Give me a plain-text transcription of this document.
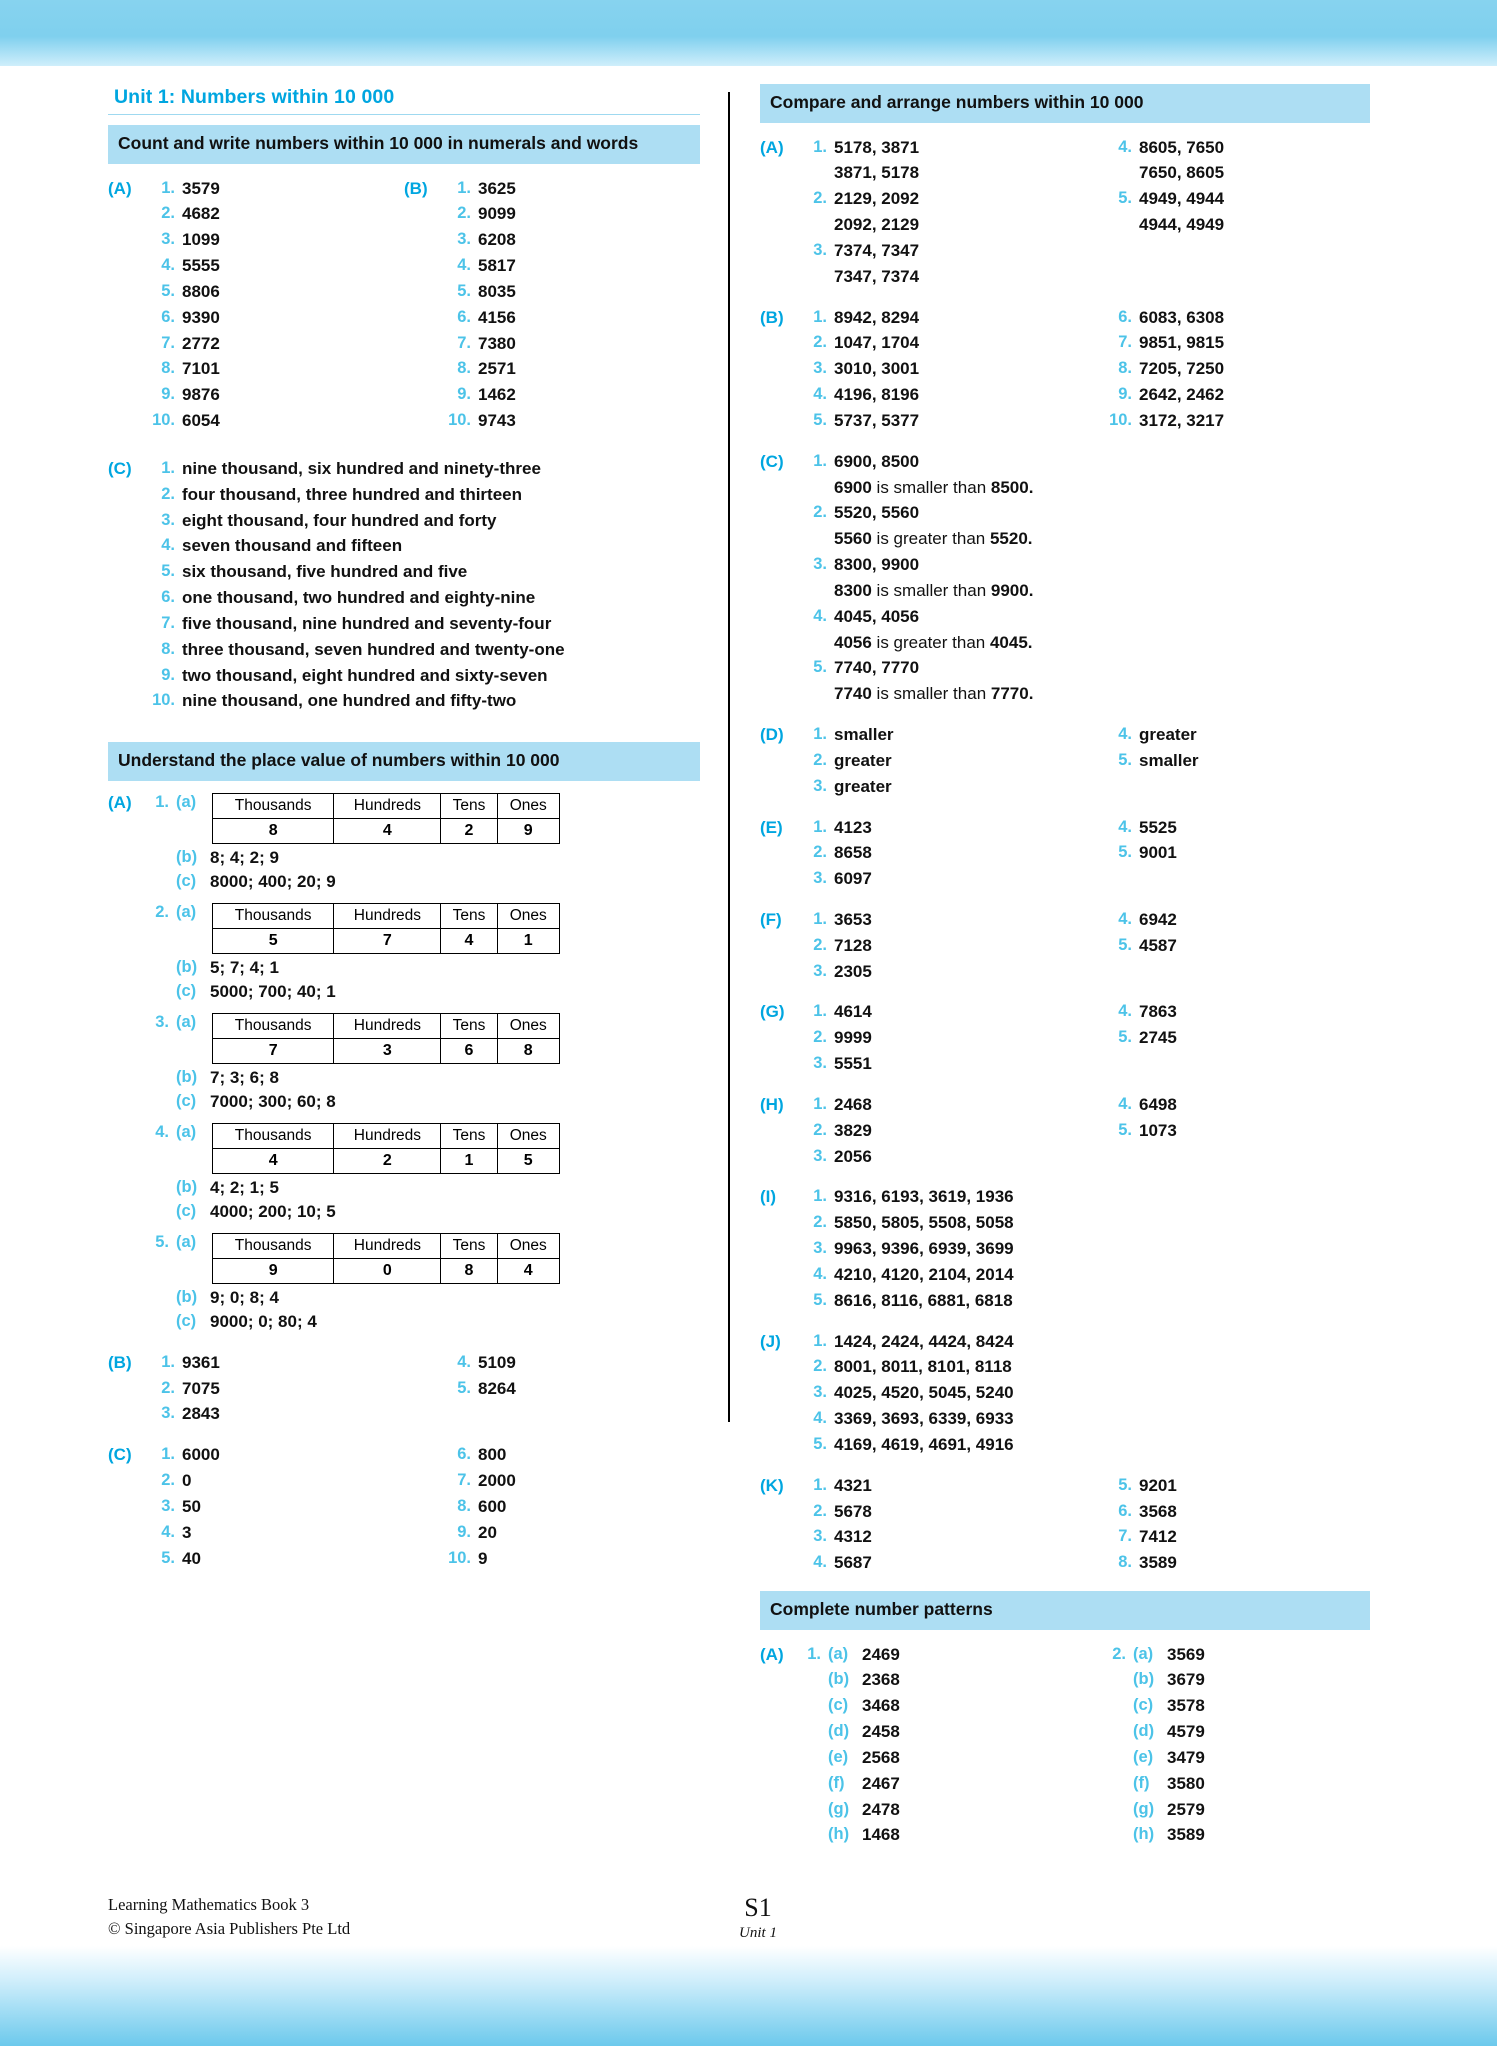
Unit 1: Numbers within 10 000
Count and write numbers within 10 000 in numerals and words
(A)	1. 3579
2. 4682
3. 1099
4. 5555
5. 8806
6. 9390
7. 2772
8. 7101
9. 9876
10. 6054
(B)	1. 3625
2. 9099
3. 6208
4. 5817
5. 8035
6. 4156
7. 7380
8. 2571
9. 1462
10. 9743
(C)	1. nine thousand, six hundred and ninety-three
2. four thousand, three hundred and thirteen
3. eight thousand, four hundred and forty
4. seven thousand and fifteen
5. six thousand, five hundred and five
6. one thousand, two hundred and eighty-nine
7. five thousand, nine hundred and seventy-four
8. three thousand, seven hundred and twenty-one
9. two thousand, eight hundred and sixty-seven
10. nine thousand, one hundred and fifty-two
Understand the place value of numbers within 10 000
(A)	1. (a)	Thousands	Hundreds	Tens	Ones
8	4	2	9
(b) 8; 4; 2; 9
(c) 8000; 400; 20; 9
2. (a)	Thousands	Hundreds	Tens	Ones
5	7	4	1
(b) 5; 7; 4; 1
(c) 5000; 700; 40; 1
3. (a)	Thousands	Hundreds	Tens	Ones
7	3	6	8
(b) 7; 3; 6; 8
(c) 7000; 300; 60; 8
4. (a)	Thousands	Hundreds	Tens	Ones
4	2	1	5
(b) 4; 2; 1; 5
(c) 4000; 200; 10; 5
5. (a)	Thousands	Hundreds	Tens	Ones
9	0	8	4
(b) 9; 0; 8; 4
(c) 9000; 0; 80; 4
(B)	1. 9361
2. 7075
3. 2843
4. 5109
5. 8264
(C)	1. 6000
2. 0
3. 50
4. 3
5. 40
6. 800
7. 2000
8. 600
9. 20
10. 9
Compare and arrange numbers within 10 000
(A)	1. 5178, 3871
3871, 5178
2. 2129, 2092
2092, 2129
3. 7374, 7347
7347, 7374
4. 8605, 7650
7650, 8605
5. 4949, 4944
4944, 4949
(B)	1. 8942, 8294
2. 1047, 1704
3. 3010, 3001
4. 4196, 8196
5. 5737, 5377
6. 6083, 6308
7. 9851, 9815
8. 7205, 7250
9. 2642, 2462
10. 3172, 3217
(C)	1. 6900, 8500
6900 is smaller than 8500.
2. 5520, 5560
5560 is greater than 5520.
3. 8300, 9900
8300 is smaller than 9900.
4. 4045, 4056
4056 is greater than 4045.
5. 7740, 7770
7740 is smaller than 7770.
(D)	1. smaller
2. greater
3. greater
4. greater
5. smaller
(E)	1. 4123
2. 8658
3. 6097
4. 5525
5. 9001
(F)	1. 3653
2. 7128
3. 2305
4. 6942
5. 4587
(G)	1. 4614
2. 9999
3. 5551
4. 7863
5. 2745
(H)	1. 2468
2. 3829
3. 2056
4. 6498
5. 1073
(I)	1. 9316, 6193, 3619, 1936
2. 5850, 5805, 5508, 5058
3. 9963, 9396, 6939, 3699
4. 4210, 4120, 2104, 2014
5. 8616, 8116, 6881, 6818
(J)	1. 1424, 2424, 4424, 8424
2. 8001, 8011, 8101, 8118
3. 4025, 4520, 5045, 5240
4. 3369, 3693, 6339, 6933
5. 4169, 4619, 4691, 4916
(K)	1. 4321
2. 5678
3. 4312
4. 5687
5. 9201
6. 3568
7. 7412
8. 3589
Complete number patterns
(A)	1. (a) 2469
(b) 2368
(c) 3468
(d) 2458
(e) 2568
(f)	2467
(g) 2478
(h) 1468
2. (a) 3569
(b) 3679
(c) 3578
(d) 4579
(e) 3479
(f)	3580
(g) 2579
(h) 3589
Learning Mathematics Book 3
© Singapore Asia Publishers Pte Ltd
S1
Unit 1
